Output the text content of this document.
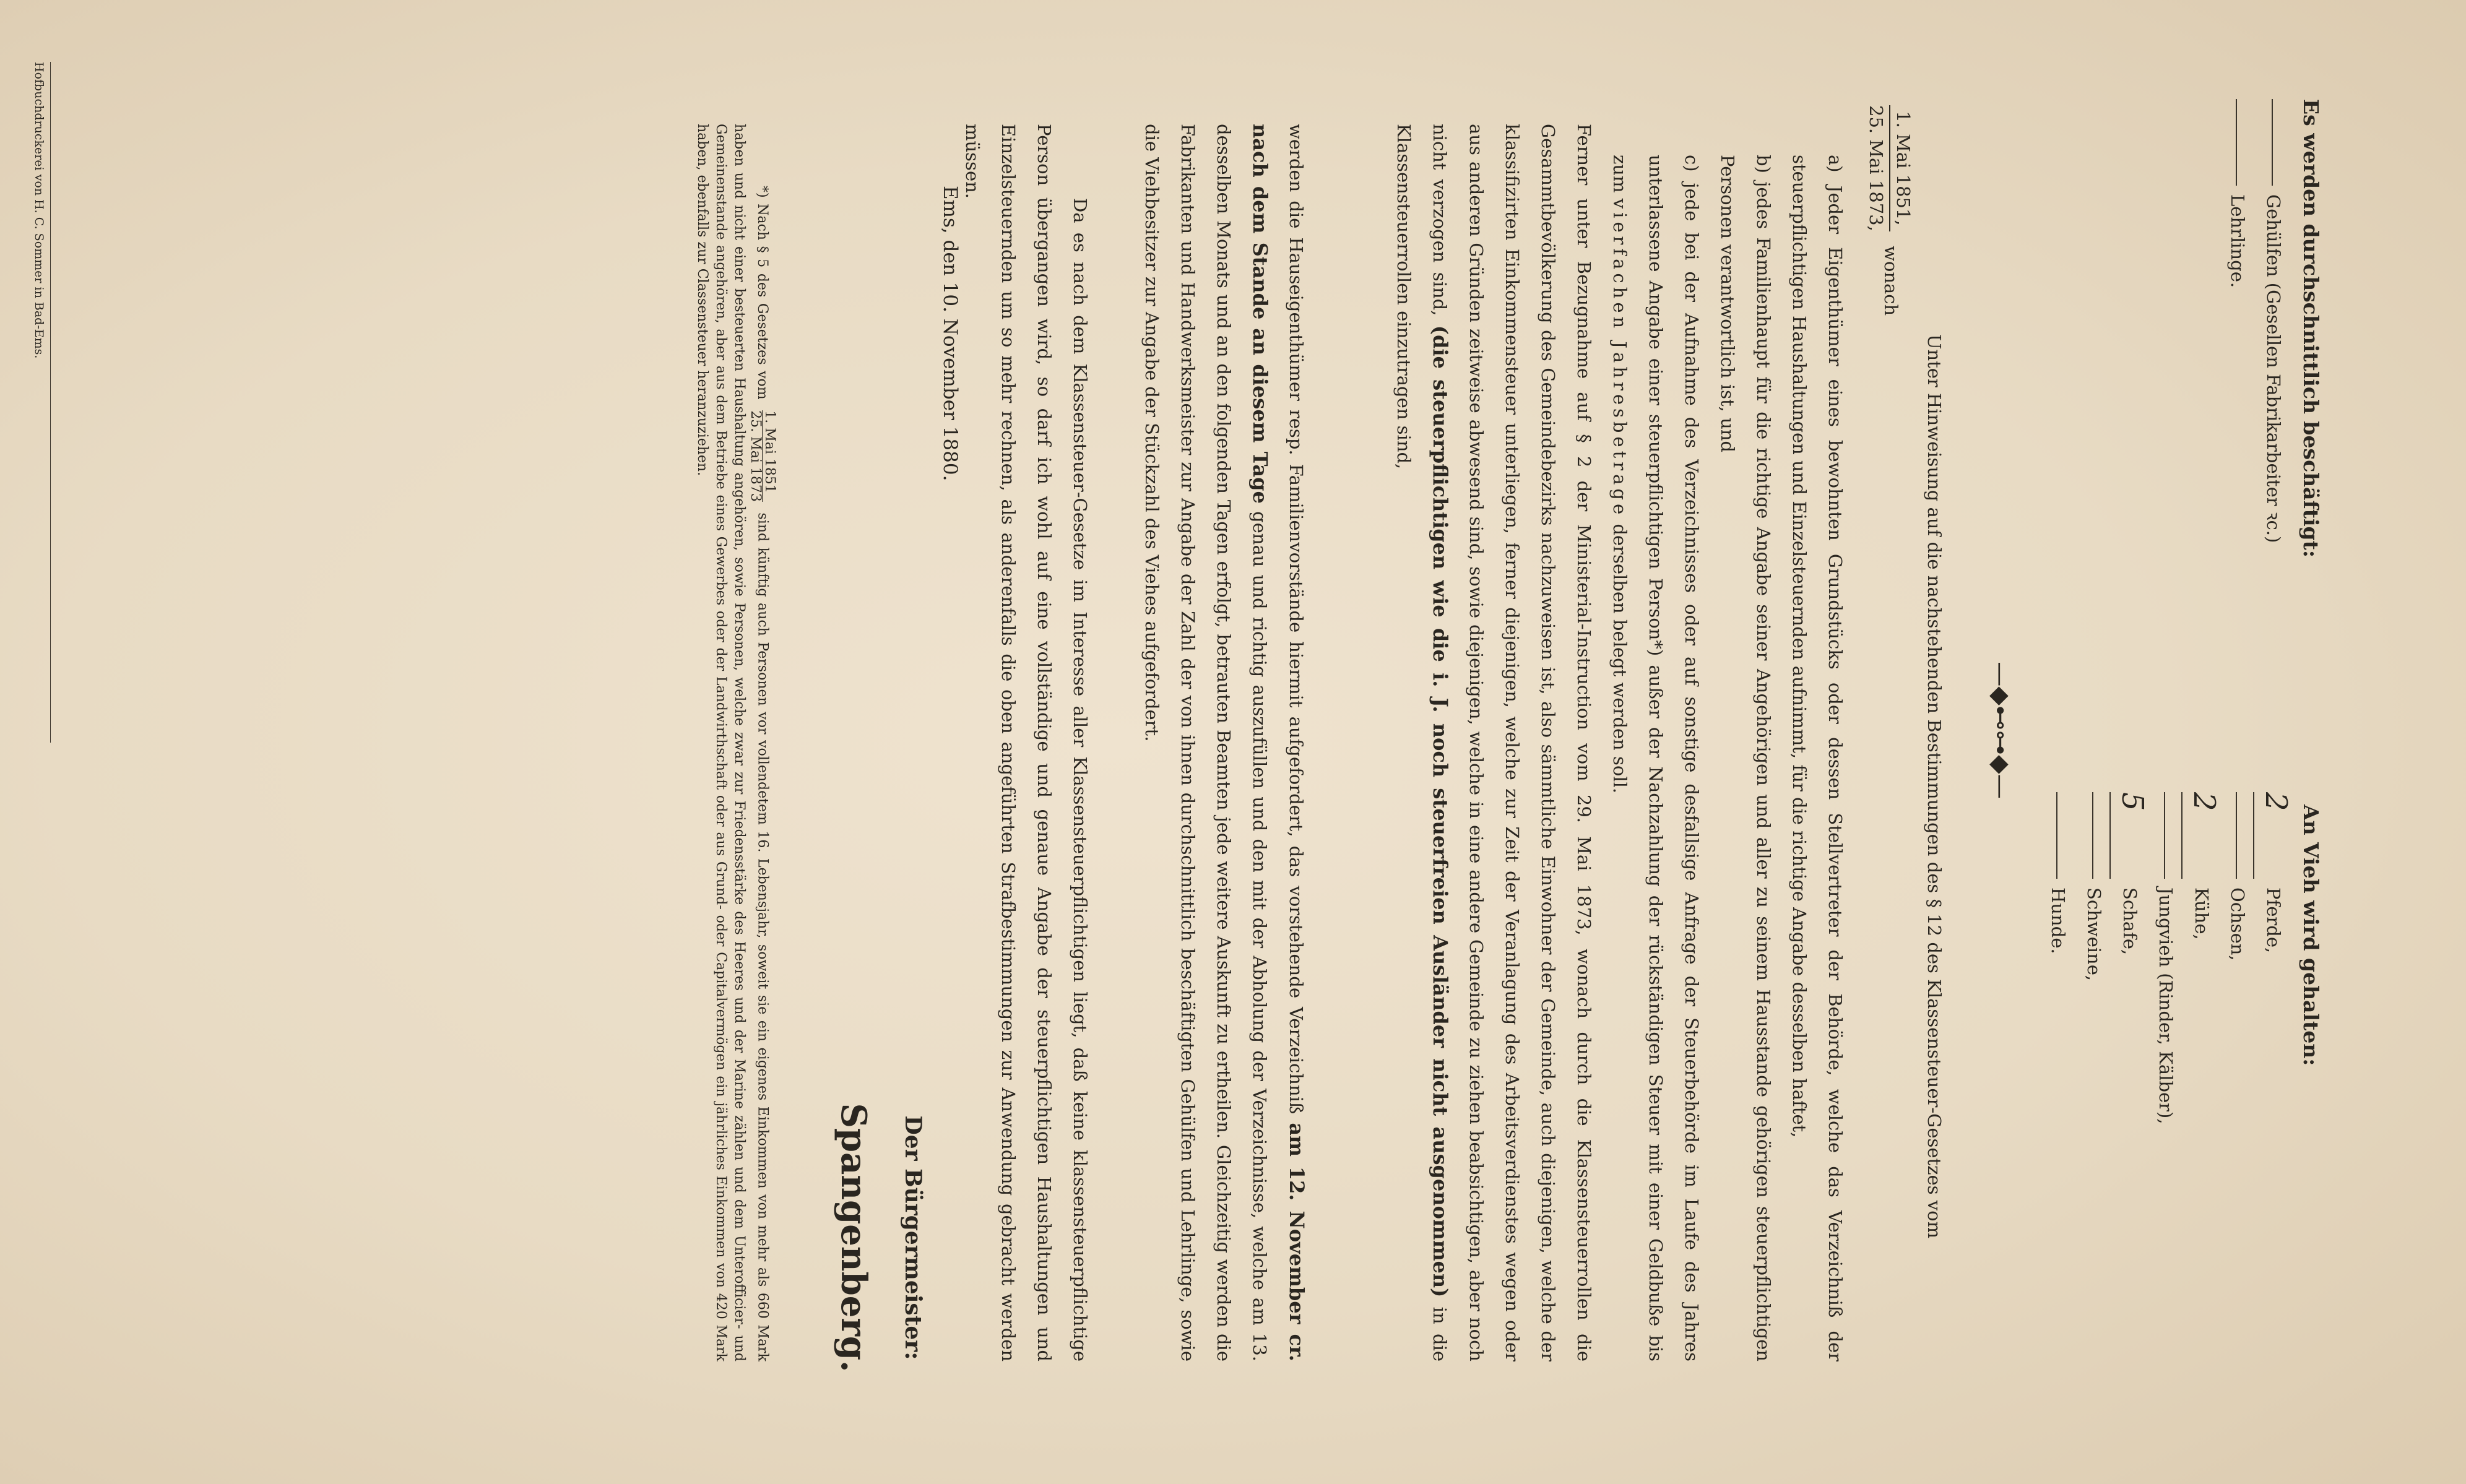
Es werden durchschnittlich beschäftigt:
Gehülfen (Gesellen Fabrikarbeiter ꝛc.)
Lehrlinge.
An Vieh wird gehalten:
2Pferde,
Ochsen,
2Kühe,
Jungvieh (Rinder, Kälber),
5Schafe,
Schweine,
Hunde.
—◆⊷⊶◆—
Unter Hinweisung auf die nachstehenden Bestimmungen des § 12 des Klassensteuer-Gesetzes vom
1. Mai 1851,
25. Mai 1873,
wonach
a) Jeder Eigenthümer eines bewohnten Grundstücks oder dessen Stellvertreter der Behörde, welche das Verzeichniß der steuerpflichtigen Haushaltungen und Einzelsteuernden aufnimmt, für die richtige Angabe desselben haftet,
b) jedes Familienhaupt für die richtige Angabe seiner Angehörigen und aller zu seinem Hausstande gehörigen steuerpflichtigen Personen verantwortlich ist, und
c) jede bei der Aufnahme des Verzeichnisses oder auf sonstige desfallsige Anfrage der Steuerbehörde im Laufe des Jahres unterlassene Angabe einer steuerpflichtigen Person*) außer der Nachzahlung der rückständigen Steuer mit einer Geldbuße bis zum vierfachen Jahresbetrage derselben belegt werden soll.
Ferner unter Bezugnahme auf § 2 der Ministerial-Instruction vom 29. Mai 1873, wonach durch die Klassensteuerrollen die Gesammtbevölkerung des Gemeindebezirks nachzuweisen ist, also sämmtliche Einwohner der Gemeinde, auch diejenigen, welche der klassifizirten Einkommensteuer unterliegen, ferner diejenigen, welche zur Zeit der Veranlagung des Arbeitsverdienstes wegen oder aus anderen Gründen zeitweise abwesend sind, sowie diejenigen, welche in eine andere Gemeinde zu ziehen beabsichtigen, aber noch nicht verzogen sind, (die steuerpflichtigen wie die i. J. noch steuerfreien Ausländer nicht ausgenommen) in die Klassensteuerrollen einzutragen sind,
werden die Hauseigenthümer resp. Familienvorstände hiermit aufgefordert, das vorstehende Verzeichniß am 12. November cr. nach dem Stande an diesem Tage genau und richtig auszufüllen und den mit der Abholung der Verzeichnisse, welche am 13. desselben Monats und an den folgenden Tagen erfolgt, betrauten Beamten jede weitere Auskunft zu ertheilen. Gleichzeitig werden die Fabrikanten und Handwerksmeister zur Angabe der Zahl der von ihnen durchschnittlich beschäftigten Gehülfen und Lehrlinge, sowie die Viehbesitzer zur Angabe der Stückzahl des Viehes aufgefordert.
Da es nach dem Klassensteuer-Gesetze im Interesse aller Klassensteuerpflichtigen liegt, daß keine klassensteuerpflichtige Person übergangen wird, so darf ich wohl auf eine vollständige und genaue Angabe der steuerpflichtigen Haushaltungen und Einzelsteuernden um so mehr rechnen, als anderenfalls die oben angeführten Strafbestimmungen zur Anwendung gebracht werden müssen.
Ems, den 10. November 1880.
Der Bürgermeister:
Spangenberg.
*) Nach § 5 des Gesetzes vom
1. Mai 1851
25. Mai 1873
sind künftig auch Personen vor vollendetem 16. Lebensjahr, soweit sie ein eigenes Einkommen von mehr als 660 Mark haben und nicht einer besteuerten Haushaltung angehören, sowie Personen, welche zwar zur Friedensstärke des Heeres und der Marine zählen und dem Unterofficier- und Gemeinenstande angehören, aber aus dem Betriebe eines Gewerbes oder der Landwirthschaft oder aus Grund- oder Capitalvermögen ein jährliches Einkommen von 420 Mark haben, ebenfalls zur Classensteuer heranzuziehen.
Hofbuchdruckerei von H. C. Sommer in Bad-Ems.
